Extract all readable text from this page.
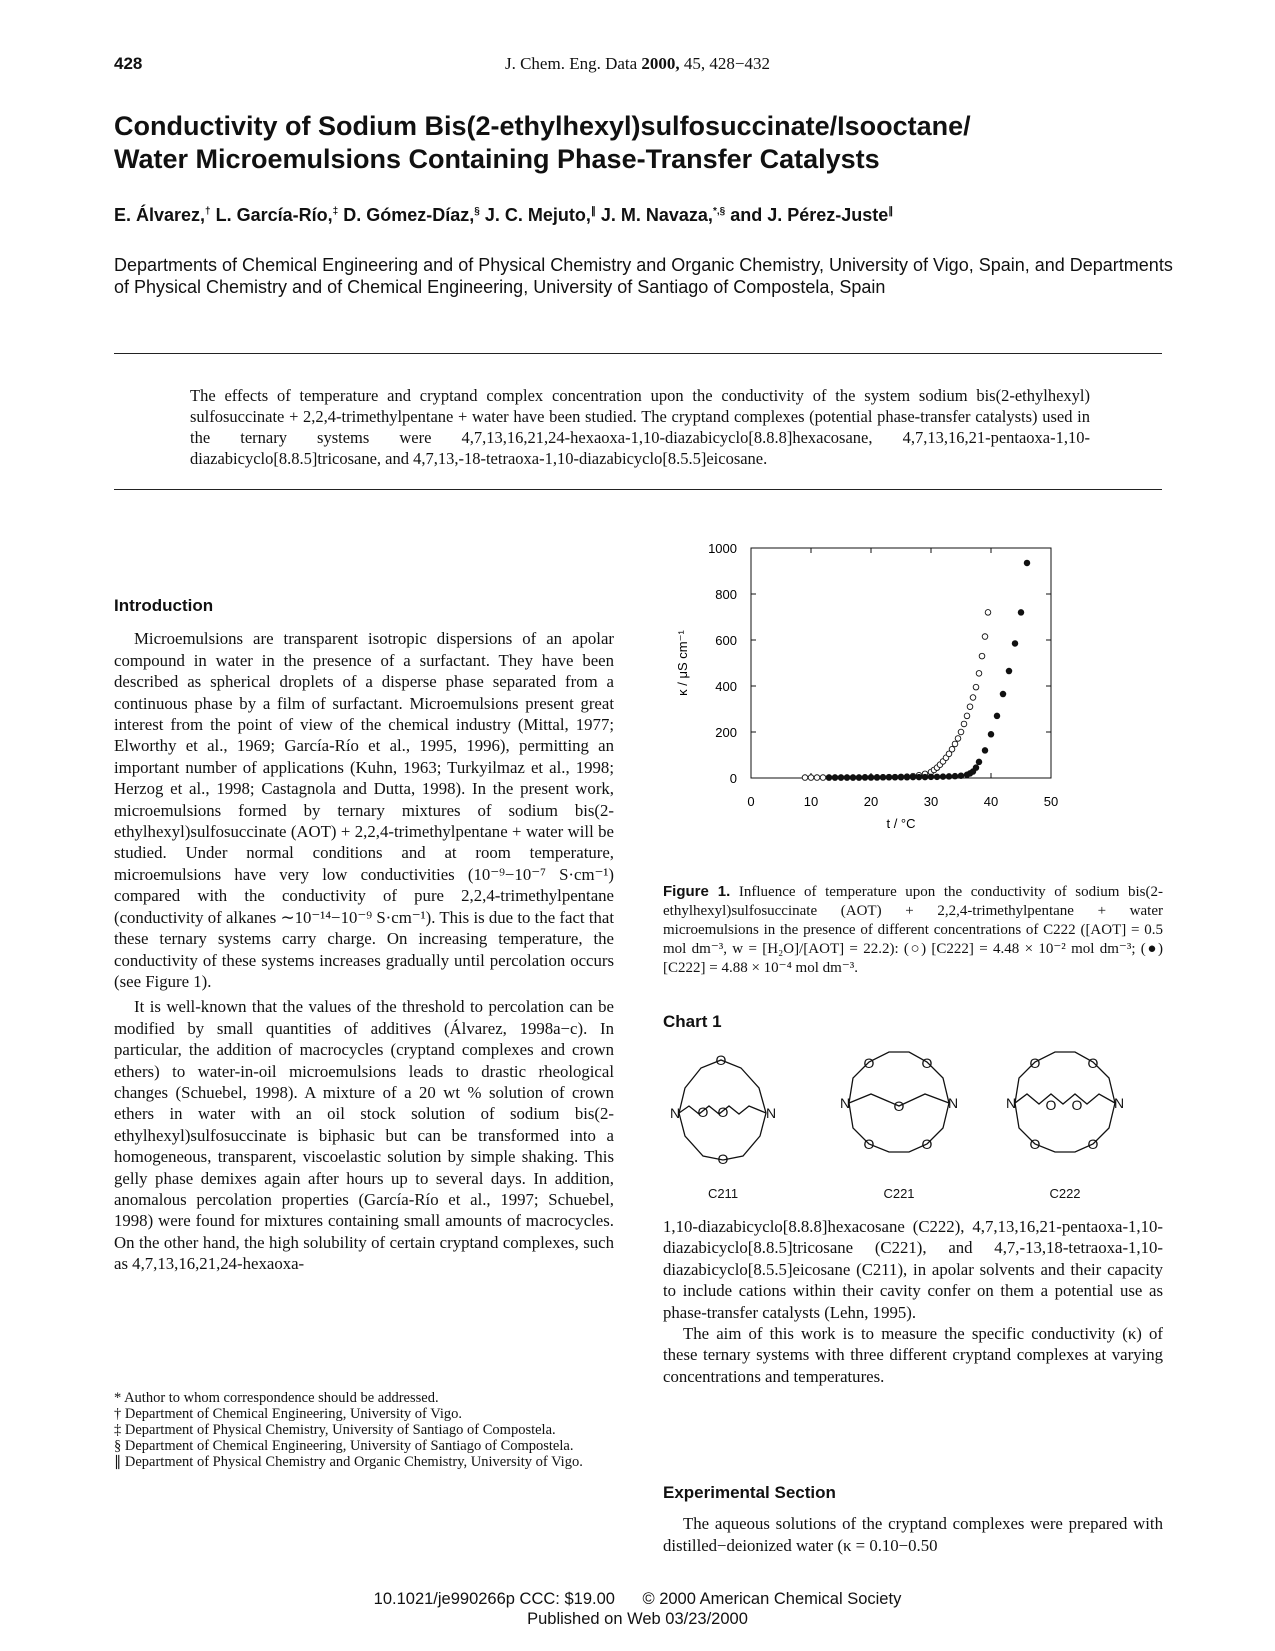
428	J. Chem. Eng. Data 2000, 45, 428−432
Conductivity of Sodium Bis(2-ethylhexyl)sulfosuccinate/Isooctane/
Water Microemulsions Containing Phase-Transfer Catalysts
E. Álvarez,† L. García-Río,‡ D. Gómez-Díaz,§ J. C. Mejuto,∥ J. M. Navaza,*,§ and J. Pérez-Juste∥
Departments of Chemical Engineering and of Physical Chemistry and Organic Chemistry, University of Vigo, Spain, and Departments of Physical Chemistry and of Chemical Engineering, University of Santiago of Compostela, Spain
The effects of temperature and cryptand complex concentration upon the conductivity of the system sodium bis(2-ethylhexyl) sulfosuccinate + 2,2,4-trimethylpentane + water have been studied. The cryptand complexes (potential phase-transfer catalysts) used in the ternary systems were 4,7,13,16,21,24-hexaoxa-1,10-diazabicyclo[8.8.8]hexacosane, 4,7,13,16,21-pentaoxa-1,10-diazabicyclo[8.8.5]tricosane, and 4,7,13,-18-tetraoxa-1,10-diazabicyclo[8.5.5]eicosane.
Introduction

Microemulsions are transparent isotropic dispersions of an apolar compound in water in the presence of a surfactant. They have been described as spherical droplets of a disperse phase separated from a continuous phase by a film of surfactant. Microemulsions present great interest from the point of view of the chemical industry (Mittal, 1977; Elworthy et al., 1969; García-Río et al., 1995, 1996), permitting an important number of applications (Kuhn, 1963; Turkyilmaz et al., 1998; Herzog et al., 1998; Castagnola and Dutta, 1998). In the present work, microemulsions formed by ternary mixtures of sodium bis(2-ethylhexyl)sulfosuccinate (AOT) + 2,2,4-trimethylpentane + water will be studied. Under normal conditions and at room temperature, microemulsions have very low conductivities (10⁻⁹−10⁻⁷ S·cm⁻¹) compared with the conductivity of pure 2,2,4-trimethylpentane (conductivity of alkanes ∼10⁻¹⁴−10⁻⁹ S·cm⁻¹). This is due to the fact that these ternary systems carry charge. On increasing temperature, the conductivity of these systems increases gradually until percolation occurs (see Figure 1).

It is well-known that the values of the threshold to percolation can be modified by small quantities of additives (Álvarez, 1998a−c). In particular, the addition of macrocycles (cryptand complexes and crown ethers) to water-in-oil microemulsions leads to drastic rheological changes (Schuebel, 1998). A mixture of a 20 wt % solution of crown ethers in water with an oil stock solution of sodium bis(2-ethylhexyl)sulfosuccinate is biphasic but can be transformed into a homogeneous, transparent, viscoelastic solution by simple shaking. This gelly phase demixes again after hours up to several days. In addition, anomalous percolation properties (García-Río et al., 1997; Schuebel, 1998) were found for mixtures containing small amounts of macrocycles. On the other hand, the high solubility of certain cryptand complexes, such as 4,7,13,16,21,24-hexaoxa-

* Author to whom correspondence should be addressed.
† Department of Chemical Engineering, University of Vigo.
‡ Department of Physical Chemistry, University of Santiago of Compostela.
§ Department of Chemical Engineering, University of Santiago of Compostela.
∥ Department of Physical Chemistry and Organic Chemistry, University of Vigo.
0	10	20	30	40	50
0
200
400
600
800
1000
t / °C
κ / μS cm⁻¹
Figure 1. Influence of temperature upon the conductivity of sodium bis(2-ethylhexyl)sulfosuccinate (AOT) + 2,2,4-trimethylpentane + water microemulsions in the presence of different concentrations of C222 ([AOT] = 0.5 mol dm⁻³, w = [H₂O]/[AOT] = 22.2): (○) [C222] = 4.48 × 10⁻² mol dm⁻³; (●) [C222] = 4.88 × 10⁻⁴ mol dm⁻³.
Chart 1
N	N
O
O O
O
N	N
O	O
O
O	O
N	N
O	O
O O
O	O
C211	C221	C222

1,10-diazabicyclo[8.8.8]hexacosane (C222), 4,7,13,16,21-pentaoxa-1,10-diazabicyclo[8.8.5]tricosane (C221), and 4,7,-13,18-tetraoxa-1,10-diazabicyclo[8.5.5]eicosane (C211), in apolar solvents and their capacity to include cations within their cavity confer on them a potential use as phase-transfer catalysts (Lehn, 1995).

The aim of this work is to measure the specific conductivity (κ) of these ternary systems with three different cryptand complexes at varying concentrations and temperatures.

Experimental Section

The aqueous solutions of the cryptand complexes were prepared with distilled−deionized water (κ = 0.10−0.50

10.1021/je990266p CCC: $19.00 © 2000 American Chemical Society
Published on Web 03/23/2000
